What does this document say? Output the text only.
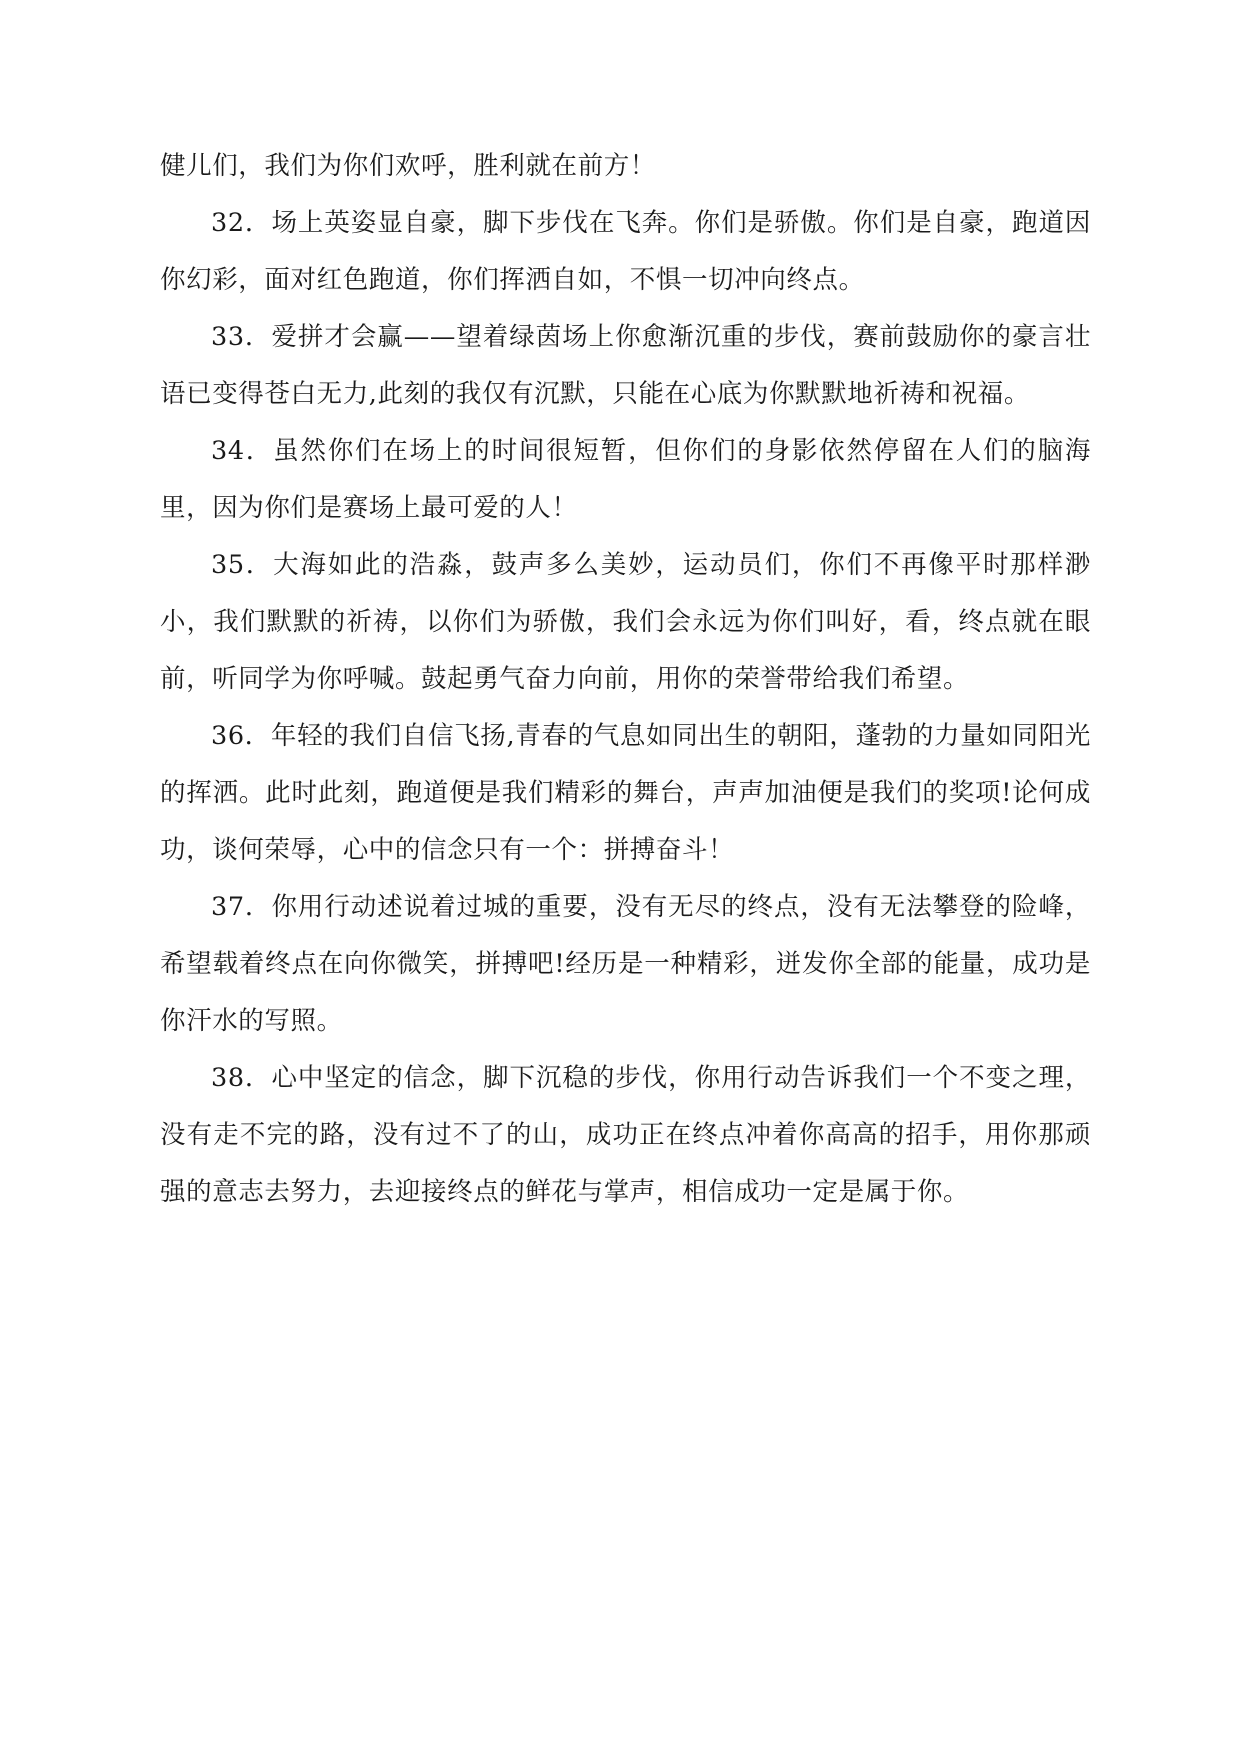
健儿们，我们为你们欢呼，胜利就在前方！

32．场上英姿显自豪，脚下步伐在飞奔。你们是骄傲。你们是自豪，跑道因你幻彩，面对红色跑道，你们挥洒自如，不惧一切冲向终点。

33．爱拼才会赢——望着绿茵场上你愈渐沉重的步伐，赛前鼓励你的豪言壮语已变得苍白无力,此刻的我仅有沉默，只能在心底为你默默地祈祷和祝福。

34．虽然你们在场上的时间很短暂，但你们的身影依然停留在人们的脑海里，因为你们是赛场上最可爱的人！

35．大海如此的浩淼，鼓声多么美妙，运动员们，你们不再像平时那样渺小，我们默默的祈祷，以你们为骄傲，我们会永远为你们叫好，看，终点就在眼前，听同学为你呼喊。鼓起勇气奋力向前，用你的荣誉带给我们希望。

36．年轻的我们自信飞扬,青春的气息如同出生的朝阳，蓬勃的力量如同阳光的挥洒。此时此刻，跑道便是我们精彩的舞台，声声加油便是我们的奖项!论何成功，谈何荣辱，心中的信念只有一个：拼搏奋斗！

37．你用行动述说着过城的重要，没有无尽的终点，没有无法攀登的险峰，希望载着终点在向你微笑，拼搏吧!经历是一种精彩，迸发你全部的能量，成功是你汗水的写照。

38．心中坚定的信念，脚下沉稳的步伐，你用行动告诉我们一个不变之理，没有走不完的路，没有过不了的山，成功正在终点冲着你高高的招手，用你那顽强的意志去努力，去迎接终点的鲜花与掌声，相信成功一定是属于你。
